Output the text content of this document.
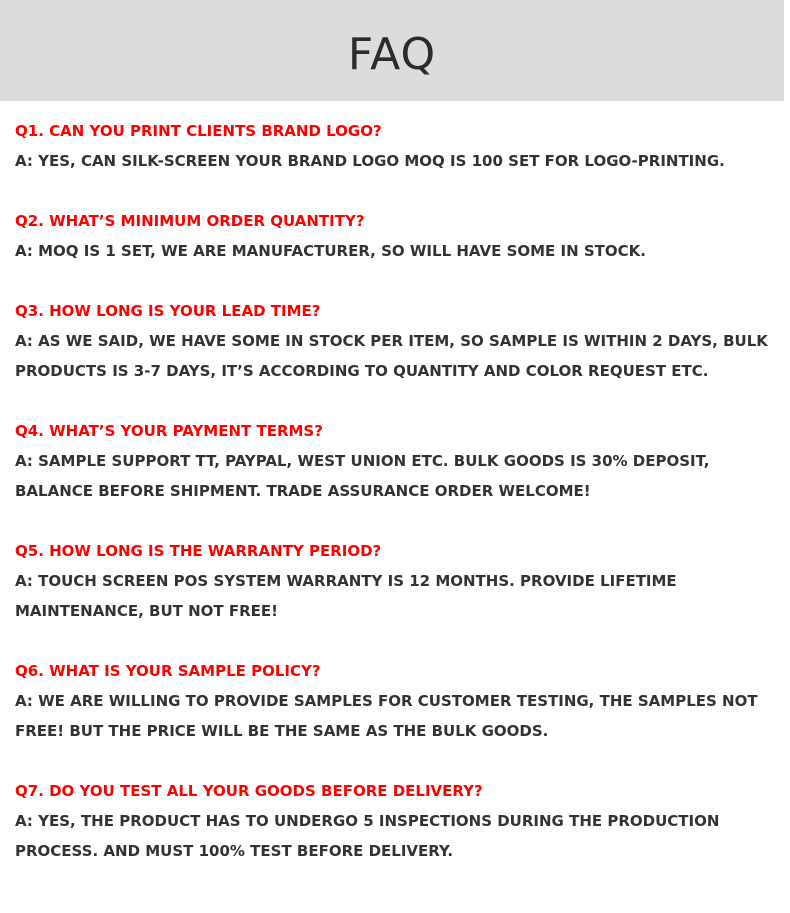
FAQ
Q1. CAN YOU PRINT CLIENTS BRAND LOGO?
A: YES, CAN SILK-SCREEN YOUR BRAND LOGO MOQ IS 100 SET FOR LOGO-PRINTING.
Q2. WHAT’S MINIMUM ORDER QUANTITY?
A: MOQ IS 1 SET, WE ARE MANUFACTURER, SO WILL HAVE SOME IN STOCK.
Q3. HOW LONG IS YOUR LEAD TIME?
A: AS WE SAID, WE HAVE SOME IN STOCK PER ITEM, SO SAMPLE IS WITHIN 2 DAYS, BULK PRODUCTS IS 3-7 DAYS, IT’S ACCORDING TO QUANTITY AND COLOR REQUEST ETC.
Q4. WHAT’S YOUR PAYMENT TERMS?
A: SAMPLE SUPPORT TT, PAYPAL, WEST UNION ETC. BULK GOODS IS 30% DEPOSIT, BALANCE BEFORE SHIPMENT. TRADE ASSURANCE ORDER WELCOME!
Q5. HOW LONG IS THE WARRANTY PERIOD?
A: TOUCH SCREEN POS SYSTEM WARRANTY IS 12 MONTHS. PROVIDE LIFETIME MAINTENANCE, BUT NOT FREE!
Q6. WHAT IS YOUR SAMPLE POLICY?
A: WE ARE WILLING TO PROVIDE SAMPLES FOR CUSTOMER TESTING, THE SAMPLES NOT FREE! BUT THE PRICE WILL BE THE SAME AS THE BULK GOODS.
Q7. DO YOU TEST ALL YOUR GOODS BEFORE DELIVERY?
A: YES, THE PRODUCT HAS TO UNDERGO 5 INSPECTIONS DURING THE PRODUCTION PROCESS. AND MUST 100% TEST BEFORE DELIVERY.
